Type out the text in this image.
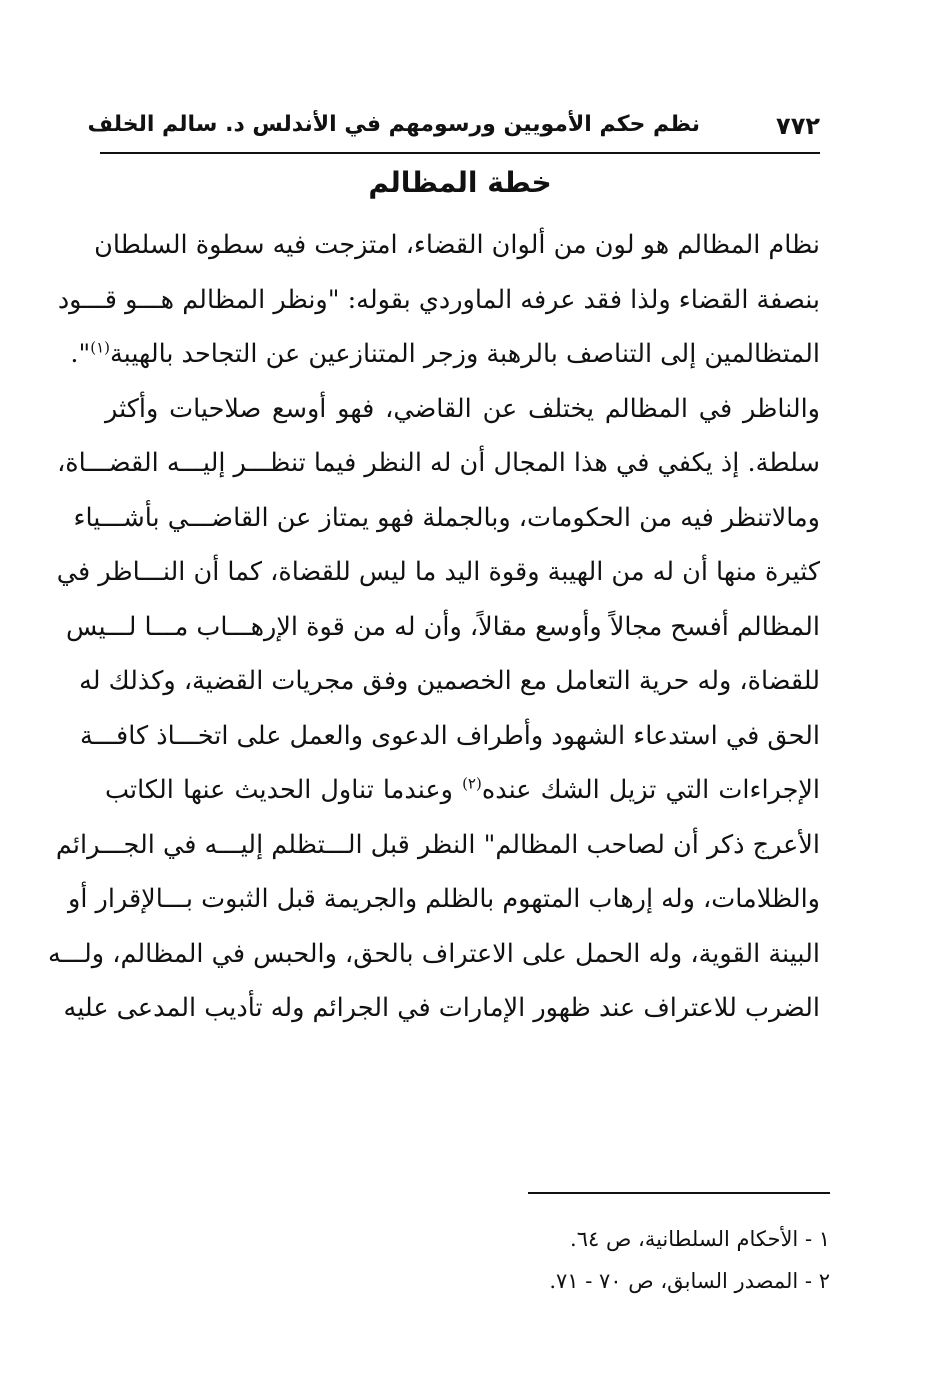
٧٧٢
نظم حكم الأمويين ورسومهم في الأندلس د. سالم الخلف
خطة المظالم
نظام المظالم هو لون من ألوان القضاء، امتزجت فيه سطوة السلطان
بنصفة القضاء ولذا فقد عرفه الماوردي بقوله: "ونظر المظالم هـــو قـــود
المتظالمين إلى التناصف بالرهبة وزجر المتنازعين عن التجاحد بالهيبة$^{(١)}$".
والناظر في المظالم يختلف عن القاضي، فهو أوسع صلاحيات وأكثر
سلطة. إذ يكفي في هذا المجال أن له النظر فيما تنظـــر إليـــه القضـــاة،
ومالاتنظر فيه من الحكومات، وبالجملة فهو يمتاز عن القاضـــي بأشـــياء
كثيرة منها أن له من الهيبة وقوة اليد ما ليس للقضاة، كما أن النـــاظر في
المظالم أفسح مجالاً وأوسع مقالاً، وأن له من قوة الإرهـــاب مـــا لـــيس
للقضاة، وله حرية التعامل مع الخصمين وفق مجريات القضية، وكذلك له
الحق في استدعاء الشهود وأطراف الدعوى والعمل على اتخـــاذ كافـــة
الإجراءات التي تزيل الشك عنده$^{(٢)}$ وعندما تناول الحديث عنها الكاتب
الأعرج ذكر أن لصاحب المظالم" النظر قبل الـــتظلم إليـــه في الجـــرائم
والظلامات، وله إرهاب المتهوم بالظلم والجريمة قبل الثبوت بـــالإقرار أو
البينة القوية، وله الحمل على الاعتراف بالحق، والحبس في المظالم، ولـــه
الضرب للاعتراف عند ظهور الإمارات في الجرائم وله تأديب المدعى عليه
١ - الأحكام السلطانية، ص ٦٤.
٢ - المصدر السابق، ص ٧٠ - ٧١.
